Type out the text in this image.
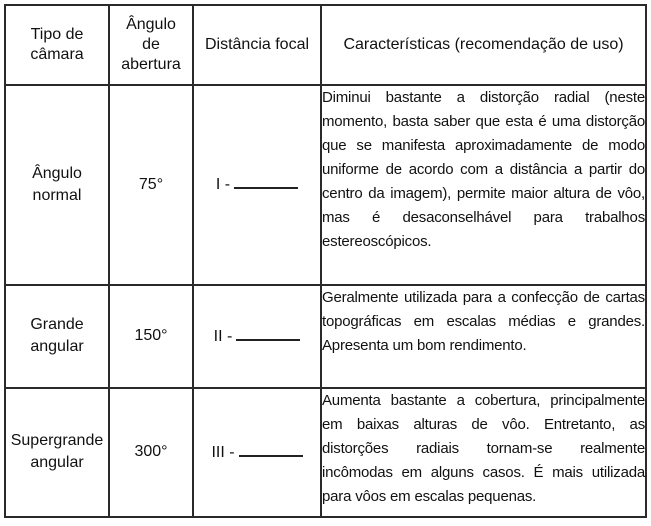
Tipo de câmara	Ângulo de abertura	Distância focal	Características (recomendação de uso)
Ângulo normal	75°	I -	Diminui bastante a distorção radial (neste momento, basta saber que esta é uma distorção que se manifesta aproximadamente de modo uniforme de acordo com a distância a partir do centro da imagem), permite maior altura de vôo, mas é desaconselhável para trabalhos estereoscópicos.

Grande angular	150°	II -	Geralmente utilizada para a confecção de cartas topográficas em escalas médias e grandes. Apresenta um bom rendimento.

Supergrande angular	300°	III -	Aumenta bastante a cobertura, principalmente em baixas alturas de vôo. Entretanto, as distorções radiais tornam-se realmente incômodas em alguns casos. É mais utilizada para vôos em escalas pequenas.
